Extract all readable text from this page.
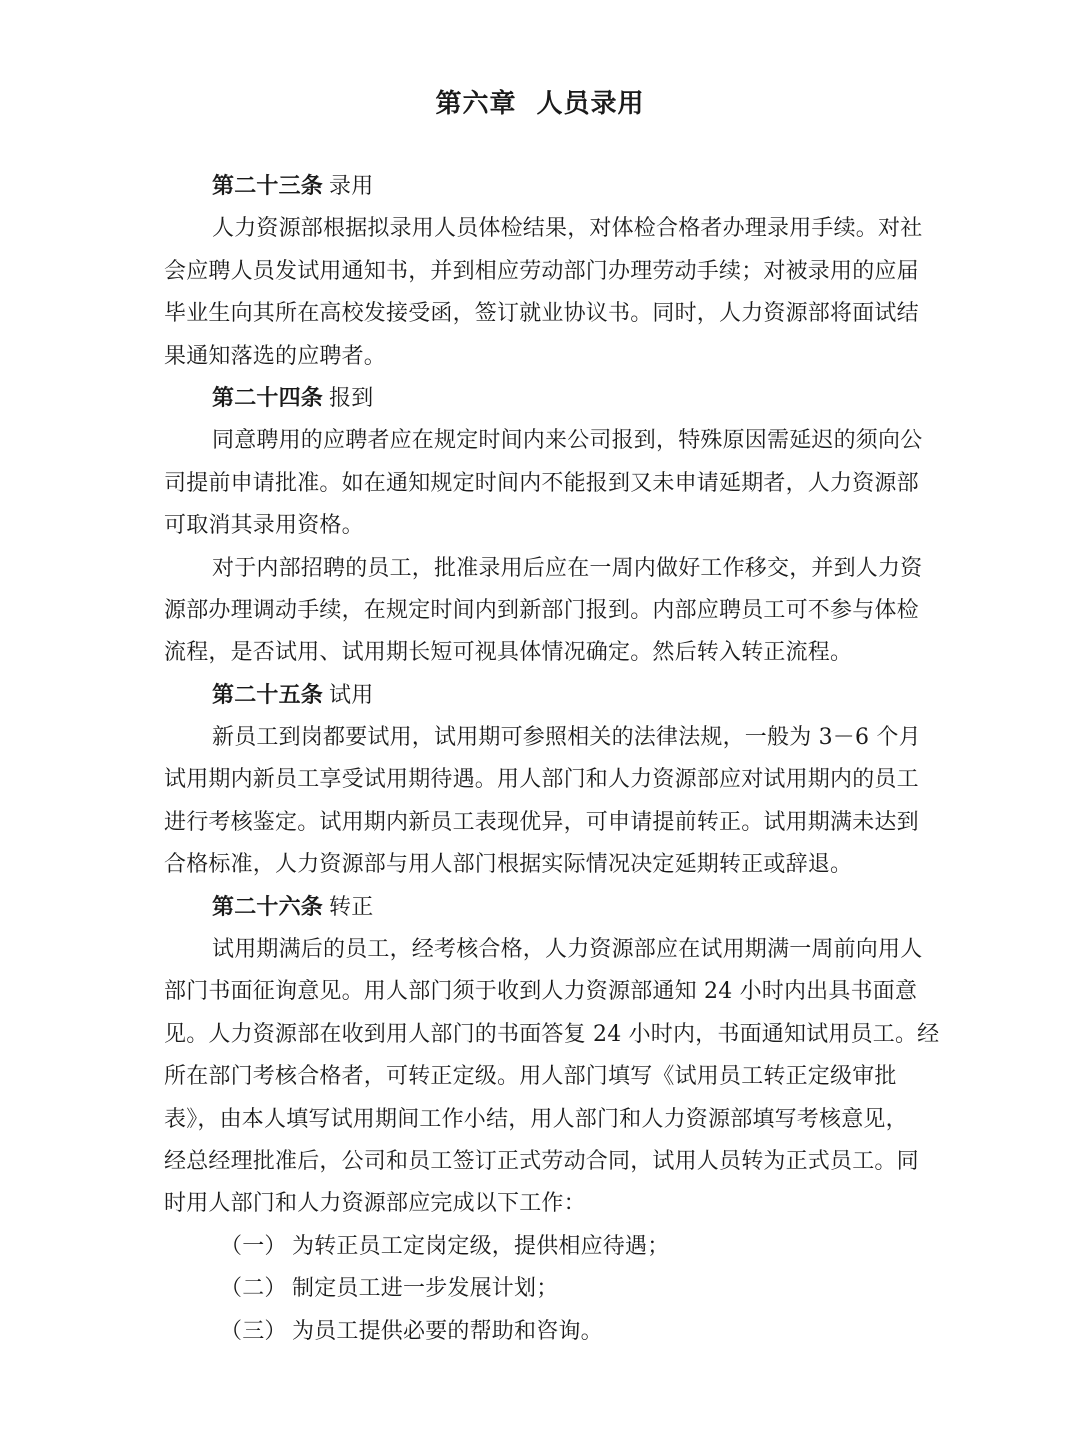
第六章  人员录用
第二十三条 录用
人力资源部根据拟录用人员体检结果，对体检合格者办理录用手续。对社
会应聘人员发试用通知书，并到相应劳动部门办理劳动手续；对被录用的应届
毕业生向其所在高校发接受函，签订就业协议书。同时，人力资源部将面试结
果通知落选的应聘者。
第二十四条 报到
同意聘用的应聘者应在规定时间内来公司报到，特殊原因需延迟的须向公
司提前申请批准。如在通知规定时间内不能报到又未申请延期者，人力资源部
可取消其录用资格。
对于内部招聘的员工，批准录用后应在一周内做好工作移交，并到人力资
源部办理调动手续，在规定时间内到新部门报到。内部应聘员工可不参与体检
流程，是否试用、试用期长短可视具体情况确定。然后转入转正流程。
第二十五条 试用
新员工到岗都要试用，试用期可参照相关的法律法规，一般为 3－6 个月
试用期内新员工享受试用期待遇。用人部门和人力资源部应对试用期内的员工
进行考核鉴定。试用期内新员工表现优异，可申请提前转正。试用期满未达到
合格标准，人力资源部与用人部门根据实际情况决定延期转正或辞退。
第二十六条 转正
试用期满后的员工，经考核合格，人力资源部应在试用期满一周前向用人
部门书面征询意见。用人部门须于收到人力资源部通知 24 小时内出具书面意
见。人力资源部在收到用人部门的书面答复 24 小时内，书面通知试用员工。经
所在部门考核合格者，可转正定级。用人部门填写《试用员工转正定级审批
表》，由本人填写试用期间工作小结，用人部门和人力资源部填写考核意见，
经总经理批准后，公司和员工签订正式劳动合同，试用人员转为正式员工。同
时用人部门和人力资源部应完成以下工作：
（一） 为转正员工定岗定级，提供相应待遇；
（二） 制定员工进一步发展计划；
（三） 为员工提供必要的帮助和咨询。
